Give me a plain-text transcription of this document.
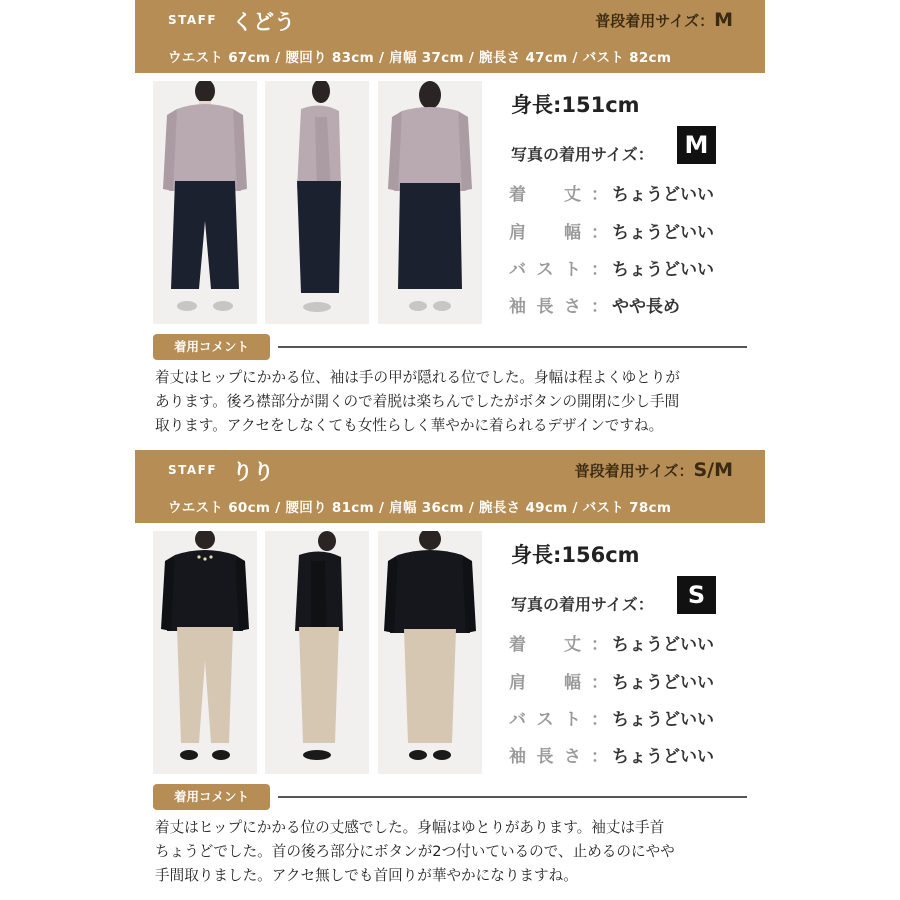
STAFF くどう	普段着用サイズ：M
ウエスト 67cm / 腰回り 83cm / 肩幅 37cm / 腕長さ 47cm / バスト 82cm
身長:151cm
写真の着用サイズ：	M
着 丈 ： ちょうどいい
肩 幅 ： ちょうどいい
バ ス ト ： ちょうどいい
袖 長 さ ： やや長め
着用コメント
着丈はヒップにかかる位、袖は手の甲が隠れる位でした。身幅は程よくゆとりが
あります。後ろ襟部分が開くので着脱は楽ちんでしたがボタンの開閉に少し手間
取ります。アクセをしなくても女性らしく華やかに着られるデザインですね。
STAFF りり	普段着用サイズ：S/M
ウエスト 60cm / 腰回り 81cm / 肩幅 36cm / 腕長さ 49cm / バスト 78cm
身長:156cm
写真の着用サイズ：	S
着 丈 ： ちょうどいい
肩 幅 ： ちょうどいい
バ ス ト ： ちょうどいい
袖 長 さ ： ちょうどいい
着用コメント
着丈はヒップにかかる位の丈感でした。身幅はゆとりがあります。袖丈は手首
ちょうどでした。首の後ろ部分にボタンが2つ付いているので、止めるのにやや
手間取りました。アクセ無しでも首回りが華やかになりますね。
